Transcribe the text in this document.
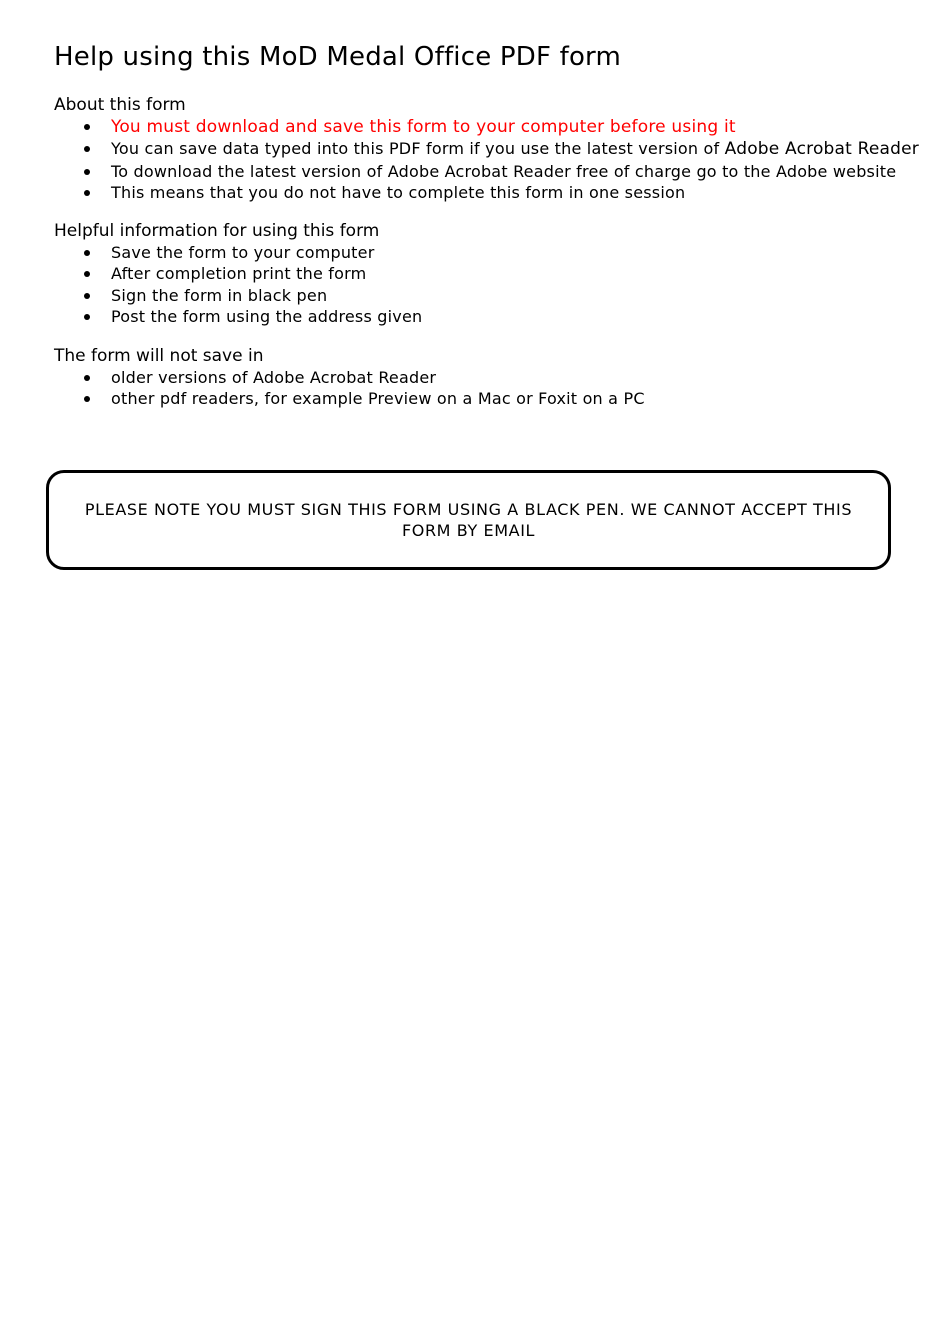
Help using this MoD Medal Office PDF form

About this form

You must download and save this form to your computer before using it
You can save data typed into this PDF form if you use the latest version of Adobe Acrobat Reader
To download the latest version of Adobe Acrobat Reader free of charge go to the Adobe website
This means that you do not have to complete this form in one session

Helpful information for using this form

Save the form to your computer
After completion print the form
Sign the form in black pen
Post the form using the address given

The form will not save in

older versions of Adobe Acrobat Reader
other pdf readers, for example Preview on a Mac or Foxit on a PC

PLEASE NOTE YOU MUST SIGN THIS FORM USING A BLACK PEN. WE CANNOT ACCEPT THIS FORM BY EMAIL
